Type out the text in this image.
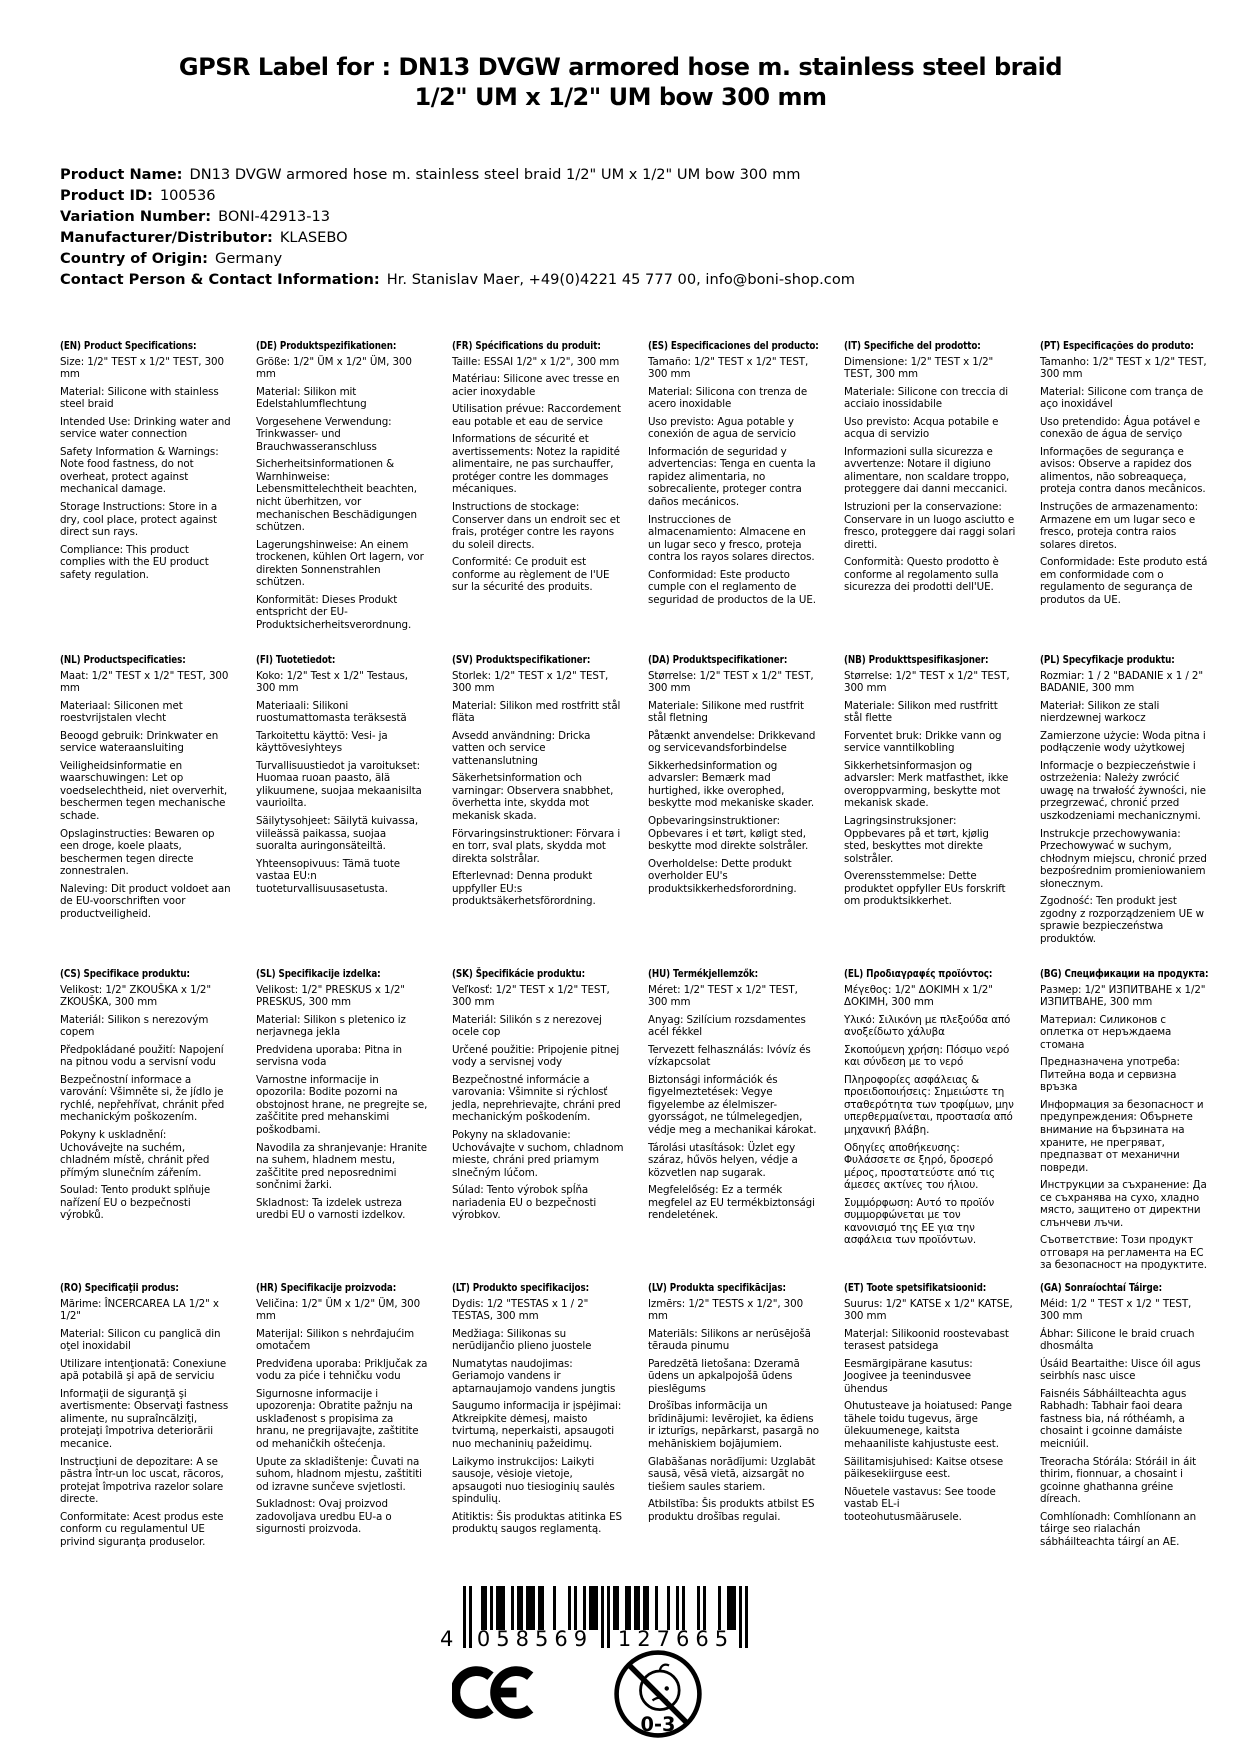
GPSR Label for : DN13 DVGW armored hose m. stainless steel braid
1/2" UM x 1/2" UM bow 300 mm
Product Name: DN13 DVGW armored hose m. stainless steel braid 1/2" UM x 1/2" UM bow 300 mm
Product ID: 100536
Variation Number: BONI-42913-13
Manufacturer/Distributor: KLASEBO
Country of Origin: Germany
Contact Person & Contact Information: Hr. Stanislav Maer, +49(0)4221 45 777 00, info@boni-shop.com
(EN) Product Specifications:

Size: 1/2" TEST x 1/2" TEST, 300 mm

Material: Silicone with stainless steel braid

Intended Use: Drinking water and service water connection

Safety Information & Warnings: Note food fastness, do not overheat, protect against mechanical damage.

Storage Instructions: Store in a dry, cool place, protect against direct sun rays.

Compliance: This product complies with the EU product safety regulation.

(DE) Produktspezifikationen:

Größe: 1/2" ÜM x 1/2" ÜM, 300 mm

Material: Silikon mit Edelstahlumflechtung

Vorgesehene Verwendung: Trinkwasser- und Brauchwasseranschluss

Sicherheitsinformationen & Warnhinweise: Lebensmittelechtheit beachten, nicht überhitzen, vor mechanischen Beschädigungen schützen.

Lagerungshinweise: An einem trockenen, kühlen Ort lagern, vor direkten Sonnenstrahlen schützen.

Konformität: Dieses Produkt entspricht der EU-Produktsicherheitsverordnung.

(FR) Spécifications du produit:

Taille: ESSAI 1/2" x 1/2", 300 mm

Matériau: Silicone avec tresse en acier inoxydable

Utilisation prévue: Raccordement eau potable et eau de service

Informations de sécurité et avertissements: Notez la rapidité alimentaire, ne pas surchauffer, protéger contre les dommages mécaniques.

Instructions de stockage: Conserver dans un endroit sec et frais, protéger contre les rayons du soleil directs.

Conformité: Ce produit est conforme au règlement de l'UE sur la sécurité des produits.

(ES) Especificaciones del producto:

Tamaño: 1/2" TEST x 1/2" TEST, 300 mm

Material: Silicona con trenza de acero inoxidable

Uso previsto: Agua potable y conexión de agua de servicio

Información de seguridad y advertencias: Tenga en cuenta la rapidez alimentaria, no sobrecaliente, proteger contra daños mecánicos.

Instrucciones de almacenamiento: Almacene en un lugar seco y fresco, proteja contra los rayos solares directos.

Conformidad: Este producto cumple con el reglamento de seguridad de productos de la UE.

(IT) Specifiche del prodotto:

Dimensione: 1/2" TEST x 1/2" TEST, 300 mm

Materiale: Silicone con treccia di acciaio inossidabile

Uso previsto: Acqua potabile e acqua di servizio

Informazioni sulla sicurezza e avvertenze: Notare il digiuno alimentare, non scaldare troppo, proteggere dai danni meccanici.

Istruzioni per la conservazione: Conservare in un luogo asciutto e fresco, proteggere dai raggi solari diretti.

Conformità: Questo prodotto è conforme al regolamento sulla sicurezza dei prodotti dell'UE.

(PT) Especificações do produto:

Tamanho: 1/2" TEST x 1/2" TEST, 300 mm

Material: Silicone com trança de aço inoxidável

Uso pretendido: Água potável e conexão de água de serviço

Informações de segurança e avisos: Observe a rapidez dos alimentos, não sobreaqueça, proteja contra danos mecânicos.

Instruções de armazenamento: Armazene em um lugar seco e fresco, proteja contra raios solares diretos.

Conformidade: Este produto está em conformidade com o regulamento de segurança de produtos da UE.

(NL) Productspecificaties:

Maat: 1/2" TEST x 1/2" TEST, 300 mm

Materiaal: Siliconen met roestvrijstalen vlecht

Beoogd gebruik: Drinkwater en service wateraansluiting

Veiligheidsinformatie en waarschuwingen: Let op voedselechtheid, niet oververhit, beschermen tegen mechanische schade.

Opslaginstructies: Bewaren op een droge, koele plaats, beschermen tegen directe zonnestralen.

Naleving: Dit product voldoet aan de EU-voorschriften voor productveiligheid.

(FI) Tuotetiedot:

Koko: 1/2" Test x 1/2" Testaus, 300 mm

Materiaali: Silikoni ruostumattomasta teräksestä

Tarkoitettu käyttö: Vesi- ja käyttövesiyhteys

Turvallisuustiedot ja varoitukset: Huomaa ruoan paasto, älä ylikuumene, suojaa mekaanisilta vaurioilta.

Säilytysohjeet: Säilytä kuivassa, viileässä paikassa, suojaa suoralta auringonsäteiltä.

Yhteensopivuus: Tämä tuote vastaa EU:n tuoteturvallisuusasetusta.

(SV) Produktspecifikationer:

Storlek: 1/2" TEST x 1/2" TEST, 300 mm

Material: Silikon med rostfritt stål fläta

Avsedd användning: Dricka vatten och service vattenanslutning

Säkerhetsinformation och varningar: Observera snabbhet, överhetta inte, skydda mot mekanisk skada.

Förvaringsinstruktioner: Förvara i en torr, sval plats, skydda mot direkta solstrålar.

Efterlevnad: Denna produkt uppfyller EU:s produktsäkerhetsförordning.

(DA) Produktspecifikationer:

Størrelse: 1/2" TEST x 1/2" TEST, 300 mm

Materiale: Silikone med rustfrit stål fletning

Påtænkt anvendelse: Drikkevand og servicevandsforbindelse

Sikkerhedsinformation og advarsler: Bemærk mad hurtighed, ikke overophed, beskytte mod mekaniske skader.

Opbevaringsinstruktioner: Opbevares i et tørt, køligt sted, beskytte mod direkte solstråler.

Overholdelse: Dette produkt overholder EU's produktsikkerhedsforordning.

(NB) Produkttspesifikasjoner:

Størrelse: 1/2" TEST x 1/2" TEST, 300 mm

Materiale: Silikon med rustfritt stål flette

Forventet bruk: Drikke vann og service vanntilkobling

Sikkerhetsinformasjon og advarsler: Merk matfasthet, ikke overoppvarming, beskytte mot mekanisk skade.

Lagringsinstruksjoner: Oppbevares på et tørt, kjølig sted, beskyttes mot direkte solstråler.

Overensstemmelse: Dette produktet oppfyller EUs forskrift om produktsikkerhet.

(PL) Specyfikacje produktu:

Rozmiar: 1 / 2 "BADANIE x 1 / 2" BADANIE, 300 mm

Materiał: Silikon ze stali nierdzewnej warkocz

Zamierzone użycie: Woda pitna i podłączenie wody użytkowej

Informacje o bezpieczeństwie i ostrzeżenia: Należy zwrócić uwagę na trwałość żywności, nie przegrzewać, chronić przed uszkodzeniami mechanicznymi.

Instrukcje przechowywania: Przechowywać w suchym, chłodnym miejscu, chronić przed bezpośrednim promieniowaniem słonecznym.

Zgodność: Ten produkt jest zgodny z rozporządzeniem UE w sprawie bezpieczeństwa produktów.

(CS) Specifikace produktu:

Velikost: 1/2" ZKOUŠKA x 1/2" ZKOUŠKA, 300 mm

Materiál: Silikon s nerezovým copem

Předpokládané použití: Napojení na pitnou vodu a servisní vodu

Bezpečnostní informace a varování: Všimněte si, že jídlo je rychlé, nepřehřívat, chránit před mechanickým poškozením.

Pokyny k uskladnění: Uchovávejte na suchém, chladném místě, chránit před přímým slunečním zářením.

Soulad: Tento produkt splňuje nařízení EU o bezpečnosti výrobků.

(SL) Specifikacije izdelka:

Velikost: 1/2" PRESKUS x 1/2" PRESKUS, 300 mm

Material: Silikon s pletenico iz nerjavnega jekla

Predvidena uporaba: Pitna in servisna voda

Varnostne informacije in opozorila: Bodite pozorni na obstojnost hrane, ne pregrejte se, zaščitite pred mehanskimi poškodbami.

Navodila za shranjevanje: Hranite na suhem, hladnem mestu, zaščitite pred neposrednimi sončnimi žarki.

Skladnost: Ta izdelek ustreza uredbi EU o varnosti izdelkov.

(SK) Špecifikácie produktu:

Veľkosť: 1/2" TEST x 1/2" TEST, 300 mm

Materiál: Silikón s z nerezovej ocele cop

Určené použitie: Pripojenie pitnej vody a servisnej vody

Bezpečnostné informácie a varovania: Všimnite si rýchlosť jedla, neprehrievajte, chráni pred mechanickým poškodením.

Pokyny na skladovanie: Uchovávajte v suchom, chladnom mieste, chráni pred priamym slnečným lúčom.

Súlad: Tento výrobok spĺňa nariadenia EU o bezpečnosti výrobkov.

(HU) Termékjellemzők:

Méret: 1/2" TEST x 1/2" TEST, 300 mm

Anyag: Szilícium rozsdamentes acél fékkel

Tervezett felhasználás: Ivóvíz és vízkapcsolat

Biztonsági információk és figyelmeztetések: Vegye figyelembe az élelmiszer-gyorsságot, ne túlmelegedjen, védje meg a mechanikai károkat.

Tárolási utasítások: Üzlet egy száraz, hűvös helyen, védje a közvetlen nap sugarak.

Megfelelőség: Ez a termék megfelel az EU termékbiztonsági rendeletének.

(EL) Προδιαγραφές προϊόντος:

Μέγεθος: 1/2" ΔΟΚΙΜΗ x 1/2" ΔΟΚΙΜΗ, 300 mm

Υλικό: Σιλικόνη με πλεξούδα από ανοξείδωτο χάλυβα

Σκοπούμενη χρήση: Πόσιμο νερό και σύνδεση με το νερό

Πληροφορίες ασφάλειας & προειδοποιήσεις: Σημειώστε τη σταθερότητα των τροφίμων, μην υπερθερμαίνεται, προστασία από μηχανική βλάβη.

Οδηγίες αποθήκευσης: Φυλάσσετε σε ξηρό, δροσερό μέρος, προστατεύστε από τις άμεσες ακτίνες του ήλιου.

Συμμόρφωση: Αυτό το προϊόν συμμορφώνεται με τον κανονισμό της ΕΕ για την ασφάλεια των προϊόντων.

(BG) Спецификации на продукта:

Размер: 1/2" ИЗПИТВАНЕ x 1/2" ИЗПИТВАНЕ, 300 mm

Материал: Силиконов с оплетка от неръждаема стомана

Предназначена употреба: Питейна вода и сервизна връзка

Информация за безопасност и предупреждения: Обърнете внимание на бързината на храните, не прегряват, предпазват от механични повреди.

Инструкции за съхранение: Да се съхранява на сухо, хладно място, защитено от директни слънчеви лъчи.

Съответствие: Този продукт отговаря на регламента на ЕС за безопасност на продуктите.

(RO) Specificaţii produs:

Mărime: ÎNCERCAREA LA 1/2" x 1/2"

Material: Silicon cu panglică din oţel inoxidabil

Utilizare intenţionată: Conexiune apă potabilă şi apă de serviciu

Informaţii de siguranţă şi avertismente: Observaţi fastness alimente, nu supraîncălziţi, protejaţi împotriva deteriorării mecanice.

Instrucţiuni de depozitare: A se păstra într-un loc uscat, răcoros, protejat împotriva razelor solare directe.

Conformitate: Acest produs este conform cu regulamentul UE privind siguranţa produselor.

(HR) Specifikacije proizvoda:

Veličina: 1/2" ÜM x 1/2" ÜM, 300 mm

Materijal: Silikon s nehrđajućim omotačem

Predviđena uporaba: Priključak za vodu za piće i tehničku vodu

Sigurnosne informacije i upozorenja: Obratite pažnju na usklađenost s propisima za hranu, ne pregrijavajte, zaštitite od mehaničkih oštećenja.

Upute za skladištenje: Čuvati na suhom, hladnom mjestu, zaštititi od izravne sunčeve svjetlosti.

Sukladnost: Ovaj proizvod zadovoljava uredbu EU-a o sigurnosti proizvoda.

(LT) Produkto specifikacijos:

Dydis: 1/2 "TESTAS x 1 / 2" TESTAS, 300 mm

Medžiaga: Silikonas su nerūdijančio plieno juostele

Numatytas naudojimas: Geriamojo vandens ir aptarnaujamojo vandens jungtis

Saugumo informacija ir įspėjimai: Atkreipkite dėmesį, maisto tvirtumą, neperkaisti, apsaugoti nuo mechaninių pažeidimų.

Laikymo instrukcijos: Laikyti sausoje, vėsioje vietoje, apsaugoti nuo tiesioginių saulės spindulių.

Atitiktis: Šis produktas atitinka ES produktų saugos reglamentą.

(LV) Produkta specifikācijas:

Izmērs: 1/2" TESTS x 1/2", 300 mm

Materiāls: Silikons ar nerūsējošā tērauda pinumu

Paredzētā lietošana: Dzeramā ūdens un apkalpojošā ūdens pieslēgums

Drošības informācija un brīdinājumi: Ievērojiet, ka ēdiens ir izturīgs, nepārkarst, pasargā no mehāniskiem bojājumiem.

Glabāšanas norādījumi: Uzglabāt sausā, vēsā vietā, aizsargāt no tiešiem saules stariem.

Atbilstība: Šis produkts atbilst ES produktu drošības regulai.

(ET) Toote spetsifikatsioonid:

Suurus: 1/2" KATSE x 1/2" KATSE, 300 mm

Materjal: Silikoonid roostevabast terasest patsidega

Eesmärgipärane kasutus: Joogivee ja teenindusvee ühendus

Ohutusteave ja hoiatused: Pange tähele toidu tugevus, ärge ülekuumenege, kaitsta mehaaniliste kahjustuste eest.

Säilitamisjuhised: Kaitse otsese päikesekiirguse eest.

Nõuetele vastavus: See toode vastab EL-i tooteohutusmäärusele.

(GA) Sonraíochtaí Táirge:

Méid: 1/2 " TEST x 1/2 " TEST, 300 mm

Ábhar: Silicone le braid cruach dhosmálta

Úsáid Beartaithe: Uisce óil agus seirbhís nasc uisce

Faisnéis Sábháilteachta agus Rabhadh: Tabhair faoi deara fastness bia, ná róthéamh, a chosaint i gcoinne damáiste meicniúil.

Treoracha Stórála: Stóráil in áit thirim, fionnuar, a chosaint i gcoinne ghathanna gréine díreach.

Comhlíonadh: Comhlíonann an táirge seo rialachán sábháilteachta táirgí an AE.

4 058569 127665
0-3
